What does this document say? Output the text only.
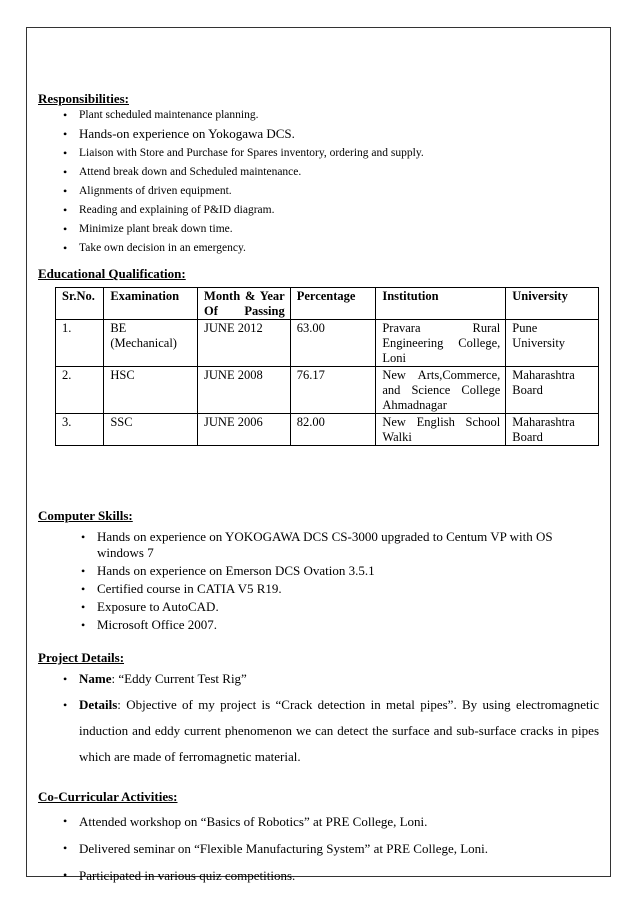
Responsibilities:
• Plant scheduled maintenance planning.
• Hands-on experience on Yokogawa DCS.
• Liaison with Store and Purchase for Spares inventory, ordering and supply.
• Attend break down and Scheduled maintenance.
• Alignments of driven equipment.
• Reading and explaining of P&ID diagram.
• Minimize plant break down time.
• Take own decision in an emergency.
Educational Qualification:
Sr.No.	Examination	Month & Year Of Passing	Percentage	Institution	University
1.	BE (Mechanical)	JUNE 2012	63.00	Pravara Rural Engineering College, Loni	Pune University
2.	HSC	JUNE 2008	76.17	New Arts,Commerce, and Science College Ahmadnagar	Maharashtra Board
3.	SSC	JUNE 2006	82.00	New English School Walki	Maharashtra Board
Computer Skills:
• Hands on experience on YOKOGAWA DCS CS-3000 upgraded to Centum VP with OS windows 7
• Hands on experience on Emerson DCS Ovation 3.5.1
• Certified course in CATIA V5 R19.
• Exposure to AutoCAD.
• Microsoft Office 2007.
Project Details:
• Name: “Eddy Current Test Rig”
• Details: Objective of my project is “Crack detection in metal pipes”. By using electromagnetic induction and eddy current phenomenon we can detect the surface and sub-surface cracks in pipes which are made of ferromagnetic material.
Co-Curricular Activities:
• Attended workshop on “Basics of Robotics” at PRE College, Loni.
• Delivered seminar on “Flexible Manufacturing System” at PRE College, Loni.
• Participated in various quiz competitions.
